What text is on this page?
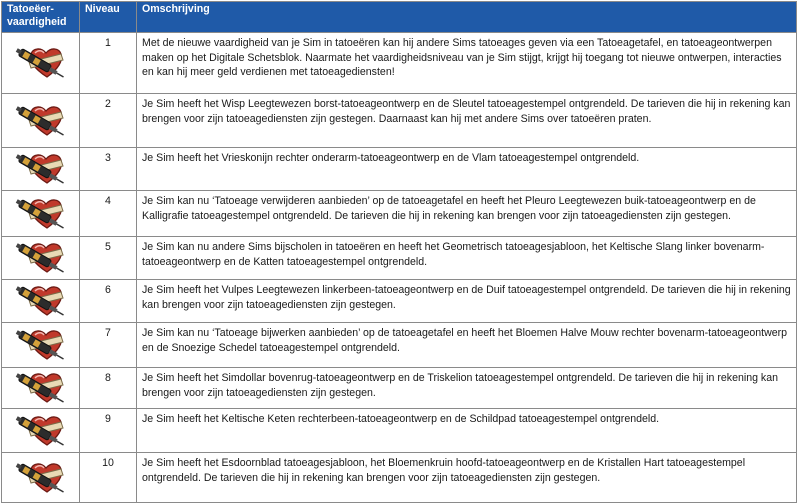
Tatoeëer-vaardigheid	Niveau	Omschrijving

	1	Met de nieuwe vaardigheid van je Sim in tatoeëren kan hij andere Sims tatoeages geven via een Tatoeagetafel, en tatoeageontwerpen maken op het Digitale Schetsblok. Naarmate het vaardigheidsniveau van je Sim stijgt, krijgt hij toegang tot nieuwe ontwerpen, interacties en kan hij meer geld verdienen met tatoeagediensten!

	2	Je Sim heeft het Wisp Leegtewezen borst-tatoeageontwerp en de Sleutel tatoeagestempel ontgrendeld. De tarieven die hij in rekening kan brengen voor zijn tatoeagediensten zijn gestegen. Daarnaast kan hij met andere Sims over tatoeëren praten.

	3	Je Sim heeft het Vrieskonijn rechter onderarm-tatoeageontwerp en de Vlam tatoeagestempel ontgrendeld.

	4	Je Sim kan nu ‘Tatoeage verwijderen aanbieden’ op de tatoeagetafel en heeft het Pleuro Leegtewezen buik-tatoeageontwerp en de Kalligrafie tatoeagestempel ontgrendeld. De tarieven die hij in rekening kan brengen voor zijn tatoeagediensten zijn gestegen.

	5	Je Sim kan nu andere Sims bijscholen in tatoeëren en heeft het Geometrisch tatoeagesjabloon, het Keltische Slang linker bovenarm-tatoeageontwerp en de Katten tatoeagestempel ontgrendeld.

	6	Je Sim heeft het Vulpes Leegtewezen linkerbeen-tatoeageontwerp en de Duif tatoeagestempel ontgrendeld. De tarieven die hij in rekening kan brengen voor zijn tatoeagediensten zijn gestegen.

	7	Je Sim kan nu ‘Tatoeage bijwerken aanbieden’ op de tatoeagetafel en heeft het Bloemen Halve Mouw rechter bovenarm-tatoeageontwerp en de Snoezige Schedel tatoeagestempel ontgrendeld.

	8	Je Sim heeft het Simdollar bovenrug-tatoeageontwerp en de Triskelion tatoeagestempel ontgrendeld. De tarieven die hij in rekening kan brengen voor zijn tatoeagediensten zijn gestegen.

	9	Je Sim heeft het Keltische Keten rechterbeen-tatoeageontwerp en de Schildpad tatoeagestempel ontgrendeld.

	10	Je Sim heeft het Esdoornblad tatoeagesjabloon, het Bloemenkruin hoofd-tatoeageontwerp en de Kristallen Hart tatoeagestempel ontgrendeld. De tarieven die hij in rekening kan brengen voor zijn tatoeagediensten zijn gestegen.
